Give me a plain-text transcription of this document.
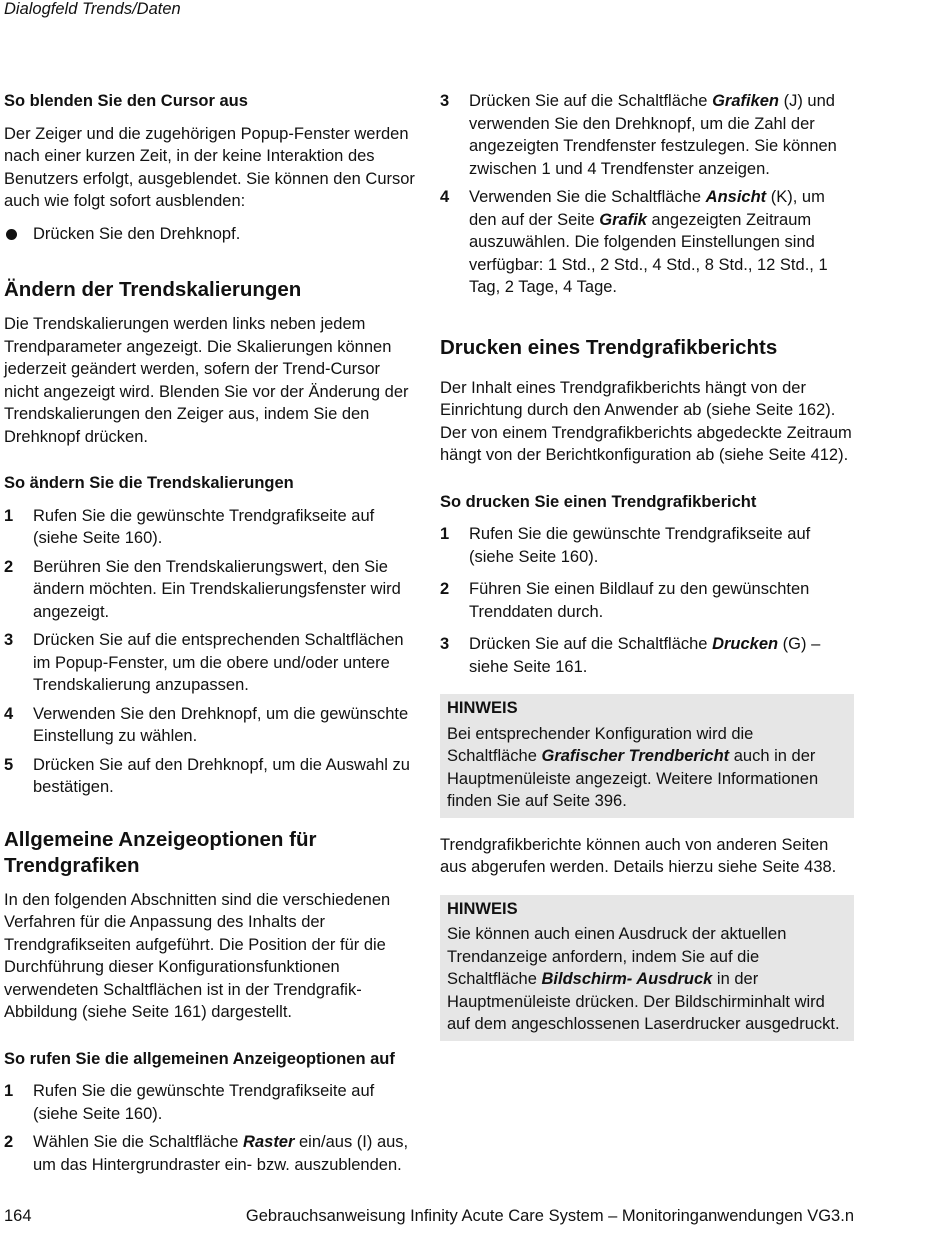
Dialogfeld Trends/Daten
So blenden Sie den Cursor aus

Der Zeiger und die zugehörigen Popup-Fenster werden nach einer kurzen Zeit, in der keine Interaktion des Benutzers erfolgt, ausgeblendet. Sie können den Cursor auch wie folgt sofort ausblenden:

Drücken Sie den Drehknopf.
Ändern der Trendskalierungen

Die Trendskalierungen werden links neben jedem Trendparameter angezeigt. Die Skalierungen können jederzeit geändert werden, sofern der Trend-Cursor nicht angezeigt wird. Blenden Sie vor der Änderung der Trendskalierungen den Zeiger aus, indem Sie den Drehknopf drücken.

So ändern Sie die Trendskalierungen
1 Rufen Sie die gewünschte Trendgrafikseite auf (siehe Seite 160).
2 Berühren Sie den Trendskalierungswert, den Sie ändern möchten. Ein Trendskalierungsfenster wird angezeigt.
3 Drücken Sie auf die entsprechenden Schaltflächen im Popup-Fenster, um die obere und/oder untere Trendskalierung anzupassen.
4 Verwenden Sie den Drehknopf, um die gewünschte Einstellung zu wählen.
5 Drücken Sie auf den Drehknopf, um die Auswahl zu bestätigen.
Allgemeine Anzeigeoptionen für Trendgrafiken

In den folgenden Abschnitten sind die verschiedenen Verfahren für die Anpassung des Inhalts der Trendgrafikseiten aufgeführt. Die Position der für die Durchführung dieser Konfigurationsfunktionen verwendeten Schaltflächen ist in der Trendgrafik-Abbildung (siehe Seite 161) dargestellt.

So rufen Sie die allgemeinen Anzeigeoptionen auf
1 Rufen Sie die gewünschte Trendgrafikseite auf (siehe Seite 160).
2 Wählen Sie die Schaltfläche Raster ein/aus (I) aus, um das Hintergrundraster ein- bzw. auszublenden.
3 Drücken Sie auf die Schaltfläche Grafiken (J) und verwenden Sie den Drehknopf, um die Zahl der angezeigten Trendfenster festzulegen. Sie können zwischen 1 und 4 Trendfenster anzeigen.
4 Verwenden Sie die Schaltfläche Ansicht (K), um den auf der Seite Grafik angezeigten Zeitraum auszuwählen. Die folgenden Einstellungen sind verfügbar: 1 Std., 2 Std., 4 Std., 8 Std., 12 Std., 1 Tag, 2 Tage, 4 Tage.
Drucken eines Trendgrafikberichts

Der Inhalt eines Trendgrafikberichts hängt von der Einrichtung durch den Anwender ab (siehe Seite 162). Der von einem Trendgrafikberichts abgedeckte Zeitraum hängt von der Berichtkonfiguration ab (siehe Seite 412).

So drucken Sie einen Trendgrafikbericht
1 Rufen Sie die gewünschte Trendgrafikseite auf (siehe Seite 160).
2 Führen Sie einen Bildlauf zu den gewünschten Trenddaten durch.
3 Drücken Sie auf die Schaltfläche Drucken (G) – siehe Seite 161.
HINWEIS
Bei entsprechender Konfiguration wird die Schaltfläche Grafischer Trendbericht auch in der Hauptmenüleiste angezeigt. Weitere Informationen finden Sie auf Seite 396.

Trendgrafikberichte können auch von anderen Seiten aus abgerufen werden. Details hierzu siehe Seite 438.

HINWEIS
Sie können auch einen Ausdruck der aktuellen Trendanzeige anfordern, indem Sie auf die Schaltfläche Bildschirm- Ausdruck in der Hauptmenüleiste drücken. Der Bildschirminhalt wird auf dem angeschlossenen Laserdrucker ausgedruckt.
164	Gebrauchsanweisung Infinity Acute Care System – Monitoringanwendungen VG3.n
